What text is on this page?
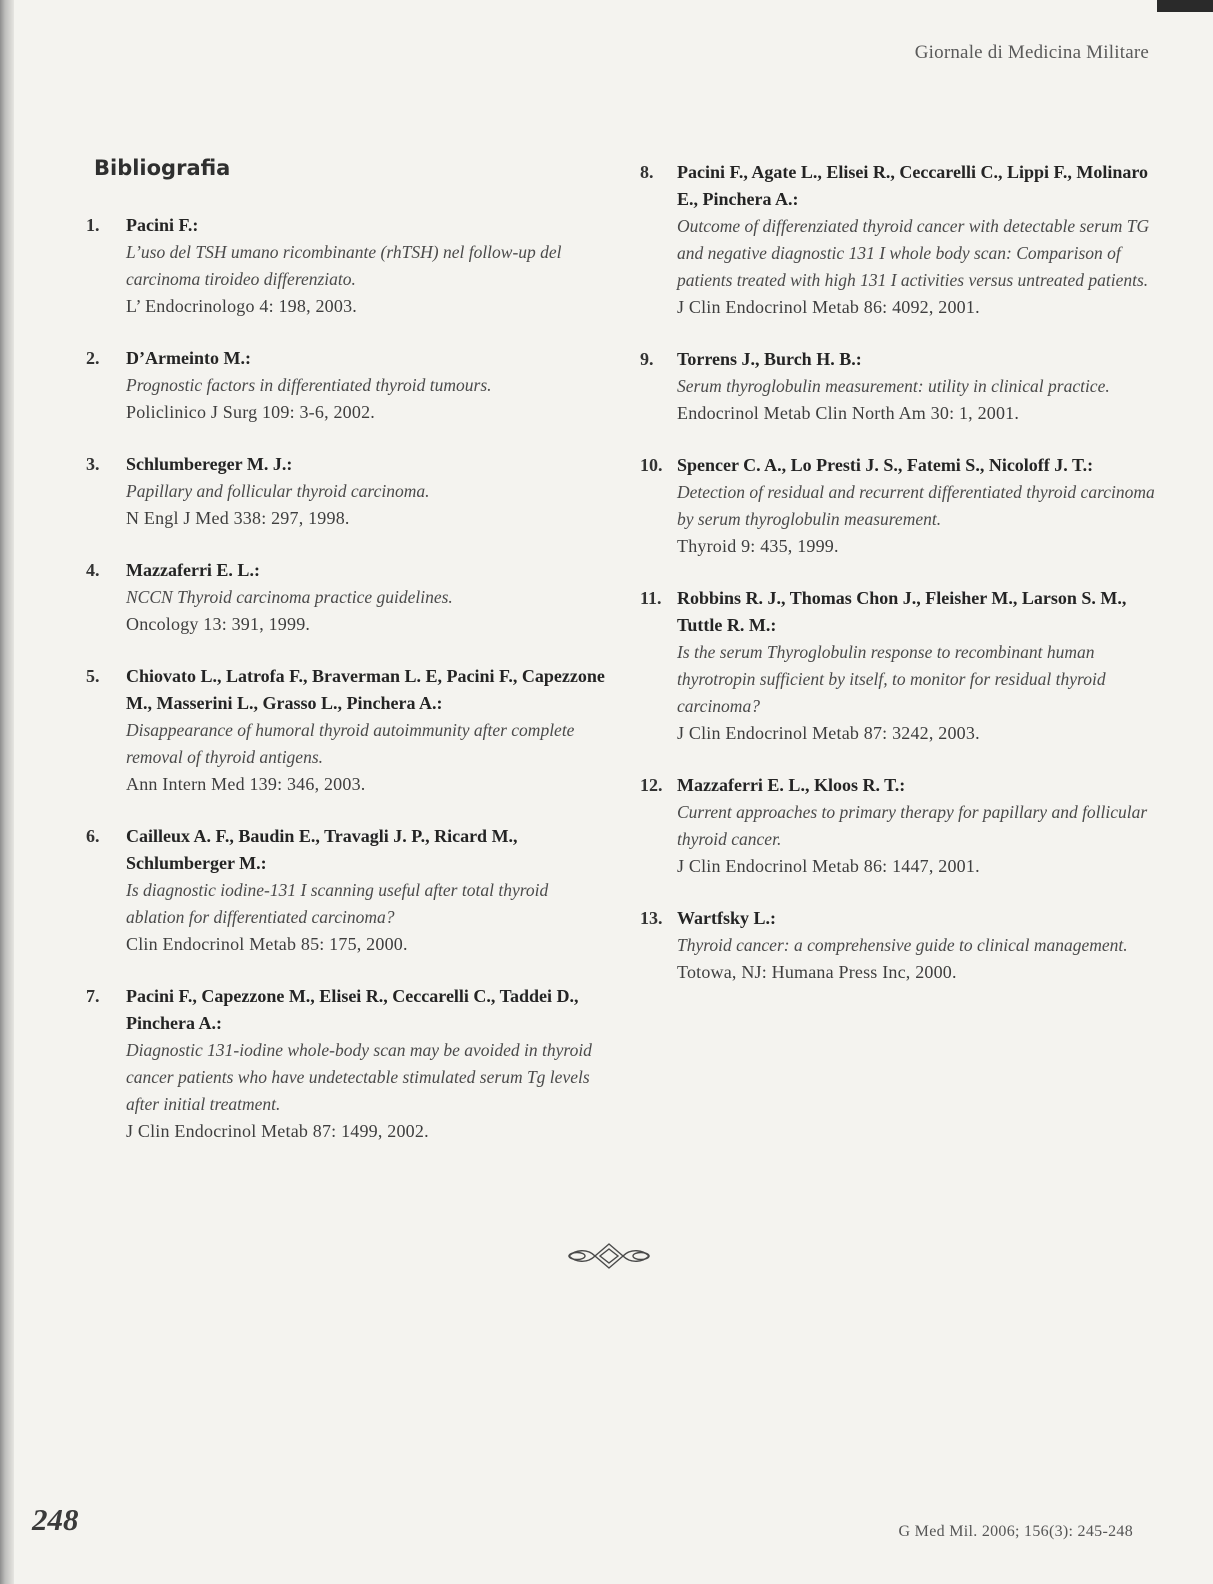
Giornale di Medicina Militare
Bibliografia
1. Pacini F.:
L’uso del TSH umano ricombinante (rhTSH) nel follow-up del carcinoma tiroideo differenziato.
L’ Endocrinologo 4: 198, 2003.
2. D’Armeinto M.:
Prognostic factors in differentiated thyroid tumours.
Policlinico J Surg 109: 3-6, 2002.
3. Schlumbereger M. J.:
Papillary and follicular thyroid carcinoma.
N Engl J Med 338: 297, 1998.
4. Mazzaferri E. L.:
NCCN Thyroid carcinoma practice guidelines.
Oncology 13: 391, 1999.
5. Chiovato L., Latrofa F., Braverman L. E, Pacini F., Capezzone M., Masserini L., Grasso L., Pinchera A.:
Disappearance of humoral thyroid autoimmunity after complete removal of thyroid antigens.
Ann Intern Med 139: 346, 2003.
6. Cailleux A. F., Baudin E., Travagli J. P., Ricard M., Schlumberger M.:
Is diagnostic iodine-131 I scanning useful after total thyroid ablation for differentiated carcinoma?
Clin Endocrinol Metab 85: 175, 2000.
7. Pacini F., Capezzone M., Elisei R., Ceccarelli C., Taddei D., Pinchera A.:
Diagnostic 131-iodine whole-body scan may be avoided in thyroid cancer patients who have undetectable stimulated serum Tg levels after initial treatment.
J Clin Endocrinol Metab 87: 1499, 2002.
8. Pacini F., Agate L., Elisei R., Ceccarelli C., Lippi F., Molinaro E., Pinchera A.:
Outcome of differenziated thyroid cancer with detectable serum TG and negative diagnostic 131 I whole body scan: Comparison of patients treated with high 131 I activities versus untreated patients.
J Clin Endocrinol Metab 86: 4092, 2001.
9. Torrens J., Burch H. B.:
Serum thyroglobulin measurement: utility in clinical practice.
Endocrinol Metab Clin North Am 30: 1, 2001.
10. Spencer C. A., Lo Presti J. S., Fatemi S., Nicoloff J. T.:
Detection of residual and recurrent differentiated thyroid carcinoma by serum thyroglobulin measurement.
Thyroid 9: 435, 1999.
11. Robbins R. J., Thomas Chon J., Fleisher M., Larson S. M., Tuttle R. M.:
Is the serum Thyroglobulin response to recombinant human thyrotropin sufficient by itself, to monitor for residual thyroid carcinoma?
J Clin Endocrinol Metab 87: 3242, 2003.
12. Mazzaferri E. L., Kloos R. T.:
Current approaches to primary therapy for papillary and follicular thyroid cancer.
J Clin Endocrinol Metab 86: 1447, 2001.
13. Wartfsky L.:
Thyroid cancer: a comprehensive guide to clinical management.
Totowa, NJ: Humana Press Inc, 2000.
248	G Med Mil. 2006; 156(3): 245-248
